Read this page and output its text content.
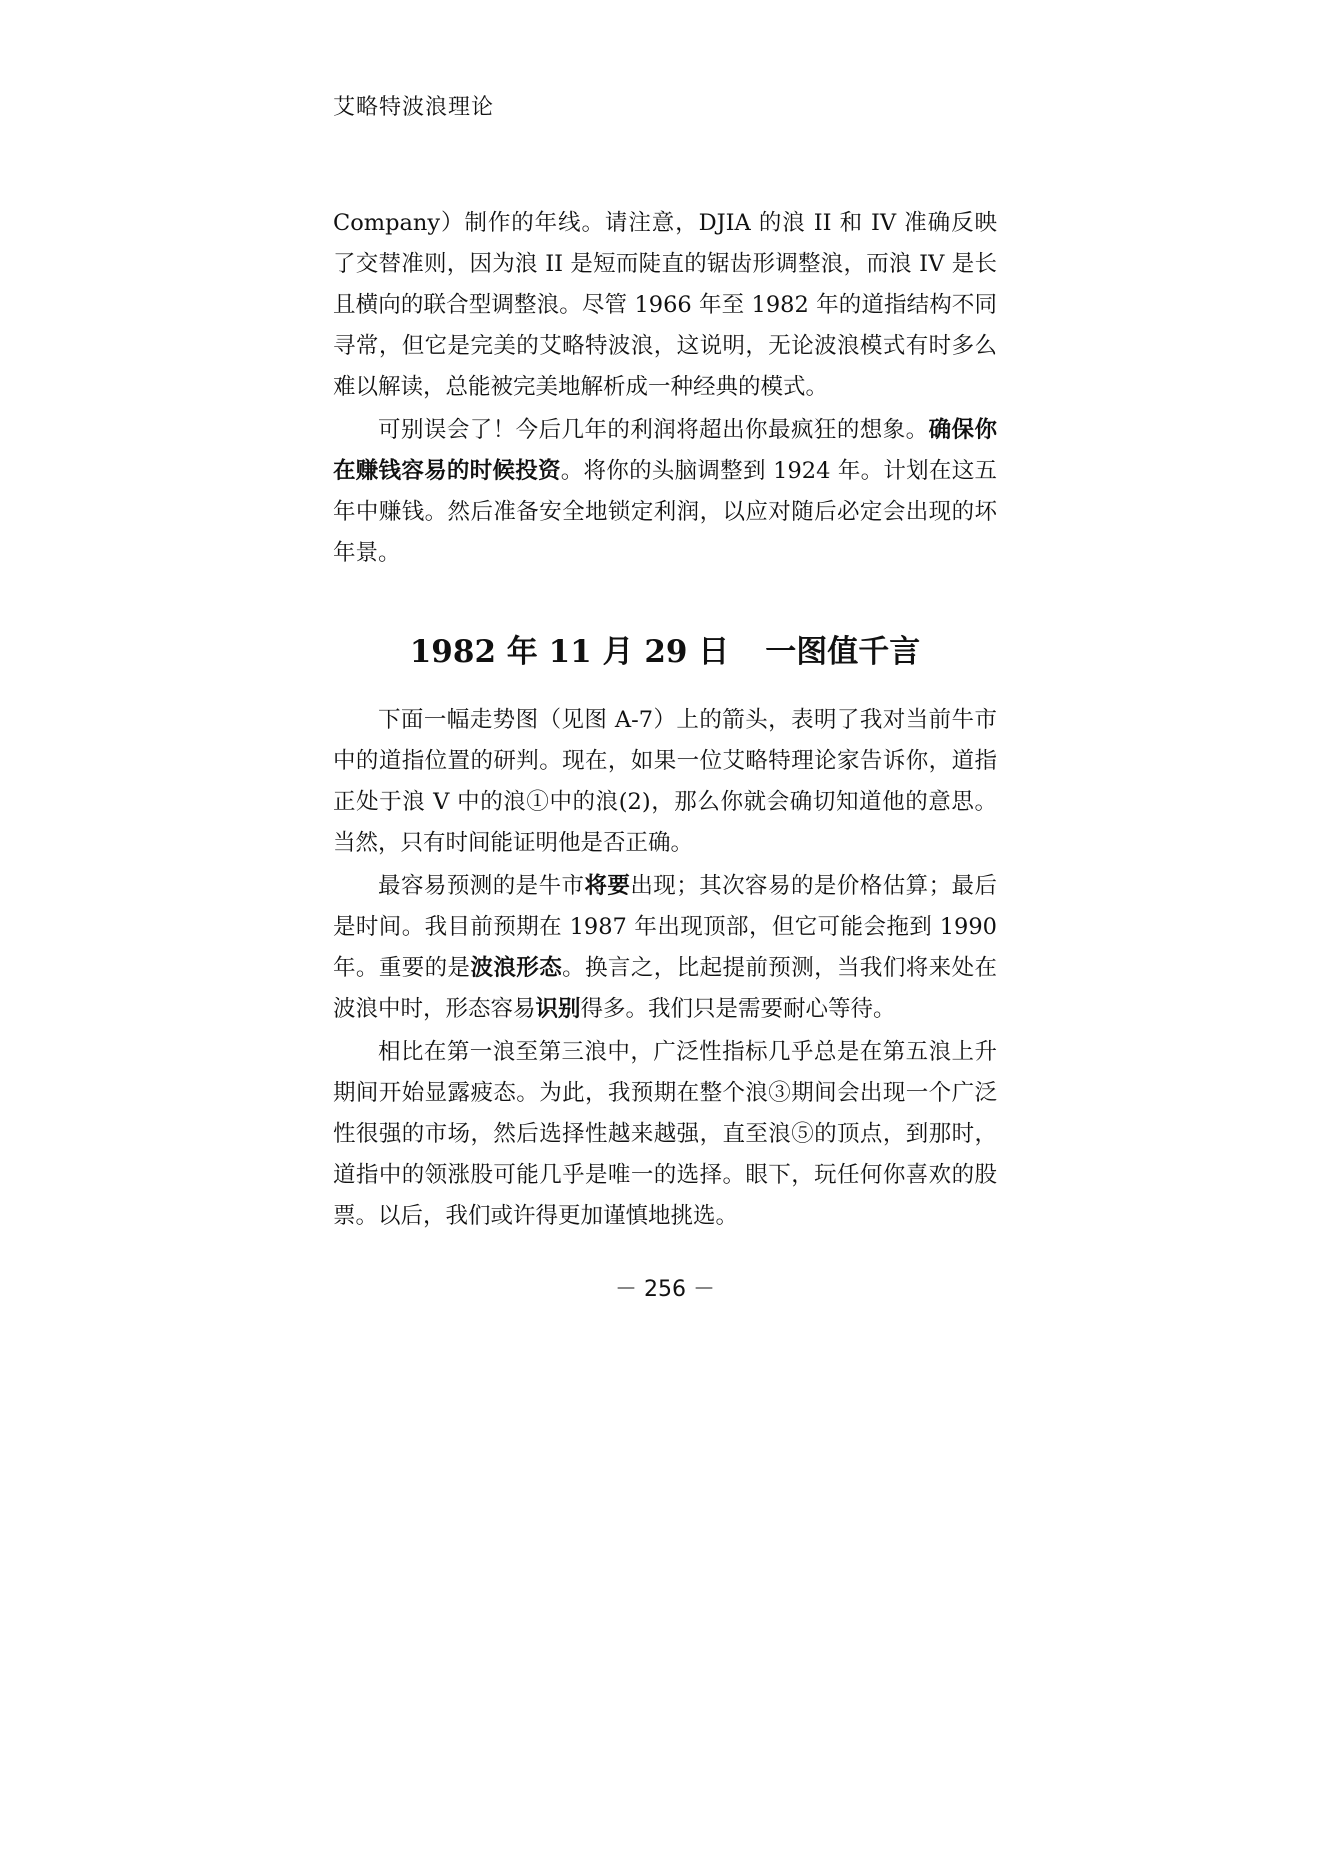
艾略特波浪理论

Company）制作的年线。请注意，DJIA 的浪 II 和 IV 准确反映了交替准则，因为浪 II 是短而陡直的锯齿形调整浪，而浪 IV 是长且横向的联合型调整浪。尽管 1966 年至 1982 年的道指结构不同寻常，但它是完美的艾略特波浪，这说明，无论波浪模式有时多么难以解读，总能被完美地解析成一种经典的模式。

可别误会了！今后几年的利润将超出你最疯狂的想象。确保你在赚钱容易的时候投资。将你的头脑调整到 1924 年。计划在这五年中赚钱。然后准备安全地锁定利润，以应对随后必定会出现的坏年景。

1982 年 11 月 29 日 一图值千言

下面一幅走势图（见图 A-7）上的箭头，表明了我对当前牛市中的道指位置的研判。现在，如果一位艾略特理论家告诉你，道指正处于浪 V 中的浪①中的浪(2)，那么你就会确切知道他的意思。当然，只有时间能证明他是否正确。

最容易预测的是牛市将要出现；其次容易的是价格估算；最后是时间。我目前预期在 1987 年出现顶部，但它可能会拖到 1990 年。重要的是波浪形态。换言之，比起提前预测，当我们将来处在波浪中时，形态容易识别得多。我们只是需要耐心等待。

相比在第一浪至第三浪中，广泛性指标几乎总是在第五浪上升期间开始显露疲态。为此，我预期在整个浪③期间会出现一个广泛性很强的市场，然后选择性越来越强，直至浪⑤的顶点，到那时，道指中的领涨股可能几乎是唯一的选择。眼下，玩任何你喜欢的股票。以后，我们或许得更加谨慎地挑选。

－ 256 －
